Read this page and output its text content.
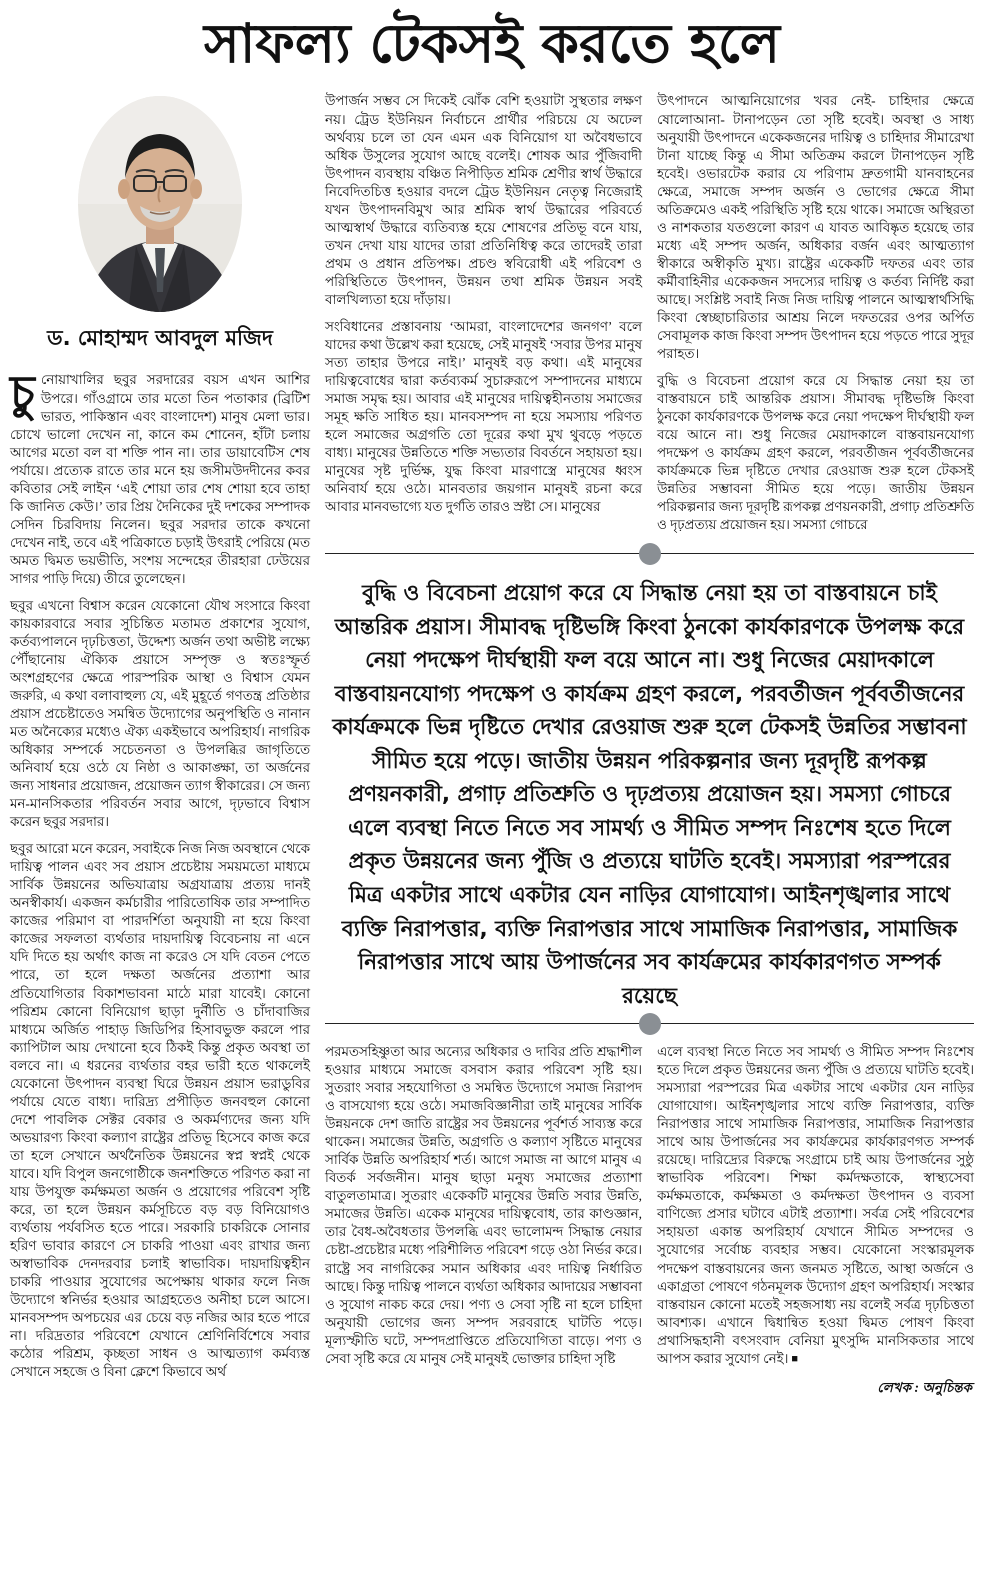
সাফল্য টেকসই করতে হলে
ড. মোহাম্মদ আবদুল মজিদ

চুনোয়াখালির ছবুর সরদারের বয়স এখন আশির উপরে। গাঁওগ্রামে তার মতো তিন পতাকার (ব্রিটিশ ভারত, পাকিস্তান এবং বাংলাদেশ) মানুষ মেলা ভার। চোখে ভালো দেখেন না, কানে কম শোনেন, হাঁটা চলায় আগের মতো বল বা শক্তি পান না। তার ডায়াবেটিস শেষ পর্যায়ে। প্রত্যেক রাতে তার মনে হয় জসীমউদদীনের কবর কবিতার সেই লাইন ‘এই শোয়া তার শেষ শোয়া হবে তাহা কি জানিত কেউ।’ তার প্রিয় দৈনিকের দুই দশকের সম্পাদক সেদিন চিরবিদায় নিলেন। ছবুর সরদার তাকে কখনো দেখেন নাই, তবে এই পত্রিকাতে চড়াই উৎরাই পেরিয়ে (মত অমত দ্বিমত ভয়ভীতি, সংশয় সন্দেহের তীরহারা ঢেউয়ের সাগর পাড়ি দিয়ে) তীরে তুলেছেন।

ছবুর এখনো বিশ্বাস করেন যেকোনো যৌথ সংসারে কিংবা কায়কারবারে সবার সুচিন্তিত মতামত প্রকাশের সুযোগ, কর্তব্যপালনে দৃঢ়চিত্ততা, উদ্দেশ্য অর্জন তথা অভীষ্ট লক্ষ্যে পৌঁছানোয় ঐক্যিক প্রয়াসে সম্পৃক্ত ও স্বতঃস্ফূর্ত অংশগ্রহণের ক্ষেত্রে পারস্পরিক আস্থা ও বিশ্বাস যেমন জরুরি, এ কথা বলাবাহুল্য যে, এই মুহূর্তে গণতন্ত্র প্রতিষ্ঠার প্রয়াস প্রচেষ্টাতেও সমন্বিত উদ্যোগের অনুপস্থিতি ও নানান মত অনৈক্যের মধ্যেও ঐক্য একইভাবে অপরিহার্য। নাগরিক অধিকার সম্পর্কে সচেতনতা ও উপলব্ধির জাগৃতিতে অনিবার্য হয়ে ওঠে যে নিষ্ঠা ও আকাঙ্ক্ষা, তা অর্জনের জন্য সাধনার প্রয়োজন, প্রয়োজন ত্যাগ স্বীকারের। সে জন্য মন-মানসিকতার পরিবর্তন সবার আগে, দৃঢ়ভাবে বিশ্বাস করেন ছবুর সরদার।

ছবুর আরো মনে করেন, সবাইকে নিজ নিজ অবস্থানে থেকে দায়িত্ব পালন এবং সব প্রয়াস প্রচেষ্টায় সময়মতো মাধ্যমে সার্বিক উন্নয়নের অভিযাত্রায় অগ্রযাত্রায় প্রত্যয় দানই অনস্বীকার্য। একজন কর্মচারীর পারিতোষিক তার সম্পাদিত কাজের পরিমাণ বা পারদর্শিতা অনুযায়ী না হয়ে কিংবা কাজের সফলতা ব্যর্থতার দায়দায়িত্ব বিবেচনায় না এনে যদি দিতে হয় অর্থাৎ কাজ না করেও সে যদি বেতন পেতে পারে, তা হলে দক্ষতা অর্জনের প্রত্যাশা আর প্রতিযোগিতার বিকাশভাবনা মাঠে মারা যাবেই। কোনো পরিশ্রম কোনো বিনিয়োগ ছাড়া দুর্নীতি ও চাঁদাবাজির মাধ্যমে অর্জিত পাহাড় জিডিপির হিসাবভুক্ত করলে পার ক্যাপিটাল আয় দেখানো হবে ঠিকই কিন্তু প্রকৃত অবস্থা তা বলবে না। এ ধরনের ব্যর্থতার বহর ভারী হতে থাকলেই যেকোনো উৎপাদন ব্যবস্থা ঘিরে উন্নয়ন প্রয়াস ভরাডুবির পর্যায়ে যেতে বাধ্য। দারিদ্র্য প্রপীড়িত জনবহুল কোনো দেশে পাবলিক সেক্টর বেকার ও অকর্মণ্যদের জন্য যদি অভয়ারণ্য কিংবা কল্যাণ রাষ্ট্রের প্রতিভূ হিসেবে কাজ করে তা হলে সেখানে অর্থনৈতিক উন্নয়নের স্বপ্ন স্বপ্নই থেকে যাবে। যদি বিপুল জনগোষ্ঠীকে জনশক্তিতে পরিণত করা না যায় উপযুক্ত কর্মক্ষমতা অর্জন ও প্রয়োগের পরিবেশ সৃষ্টি করে, তা হলে উন্নয়ন কর্মসূচিতে বড় বড় বিনিয়োগও ব্যর্থতায় পর্যবসিত হতে পারে। সরকারি চাকরিকে সোনার হরিণ ভাবার কারণে সে চাকরি পাওয়া এবং রাখার জন্য অস্বাভাবিক দেনদরবার চলাই স্বাভাবিক। দায়দায়িত্বহীন চাকরি পাওয়ার সুযোগের অপেক্ষায় থাকার ফলে নিজ উদ্যোগে স্বনির্ভর হওয়ার আগ্রহতেও অনীহা চলে আসে। মানবসম্পদ অপচয়ের এর চেয়ে বড় নজির আর হতে পারে না। দরিদ্রতার পরিবেশে যেখানে শ্রেণিনির্বিশেষে সবার কঠোর পরিশ্রম, কৃচ্ছতা সাধন ও আত্মত্যাগ কর্মব্যস্ত সেখানে সহজে ও বিনা ক্লেশে কিভাবে অর্থ

উপার্জন সম্ভব সে দিকেই ঝোঁক বেশি হওয়াটা সুস্থতার লক্ষণ নয়। ট্রেড ইউনিয়ন নির্বাচনে প্রার্থীর পরিচয়ে যে অঢেল অর্থব্যয় চলে তা যেন এমন এক বিনিয়োগ যা অবৈধভাবে অধিক উসুলের সুযোগ আছে বলেই। শোষক আর পুঁজিবাদী উৎপাদন ব্যবস্থায় বঞ্চিত নিপীড়িত শ্রমিক শ্রেণীর স্বার্থ উদ্ধারে নিবেদিতচিত্ত হওয়ার বদলে ট্রেড ইউনিয়ন নেতৃত্ব নিজেরাই যখন উৎপাদনবিমুখ আর শ্রমিক স্বার্থ উদ্ধারের পরিবর্তে আত্মস্বার্থ উদ্ধারে ব্যতিব্যস্ত হয়ে শোষণের প্রতিভূ বনে যায়, তখন দেখা যায় যাদের তারা প্রতিনিধিত্ব করে তাদেরই তারা প্রথম ও প্রধান প্রতিপক্ষ। প্রচণ্ড স্ববিরোধী এই পরিবেশ ও পরিস্থিতিতে উৎপাদন, উন্নয়ন তথা শ্রমিক উন্নয়ন সবই বালখিল্যতা হয়ে দাঁড়ায়।

সংবিধানের প্রস্তাবনায় ‘আমরা, বাংলাদেশের জনগণ’ বলে যাদের কথা উল্লেখ করা হয়েছে, সেই মানুষই ‘সবার উপর মানুষ সত্য তাহার উপরে নাই।’ মানুষই বড় কথা। এই মানুষের দায়িত্ববোধের দ্বারা কর্তব্যকর্ম সুচারুরূপে সম্পাদনের মাধ্যমে সমাজ সমৃদ্ধ হয়। আবার এই মানুষের দায়িত্বহীনতায় সমাজের সমূহ ক্ষতি সাধিত হয়। মানবসম্পদ না হয়ে সমস্যায় পরিণত হলে সমাজের অগ্রগতি তো দূরের কথা মুখ থুবড়ে পড়তে বাধ্য। মানুষের উন্নতিতে শক্তি সভ্যতার বিবর্তনে সহায়তা হয়। মানুষের সৃষ্ট দুর্ভিক্ষ, যুদ্ধ কিংবা মারণাস্ত্রে মানুষের ধ্বংস অনিবার্য হয়ে ওঠে। মানবতার জয়গান মানুষই রচনা করে আবার মানবভাগ্যে যত দুর্গতি তারও স্রষ্টা সে। মানুষের

উৎপাদনে আত্মনিয়োগের খবর নেই- চাহিদার ক্ষেত্রে ষোলোআনা- টানাপড়েন তো সৃষ্টি হবেই। অবস্থা ও সাধ্য অনুযায়ী উৎপাদনে একেকজনের দায়িত্ব ও চাহিদার সীমারেখা টানা যাচ্ছে কিন্তু এ সীমা অতিক্রম করলে টানাপড়েন সৃষ্টি হবেই। ওভারটেক করার যে পরিণাম দ্রুতগামী যানবাহনের ক্ষেত্রে, সমাজে সম্পদ অর্জন ও ভোগের ক্ষেত্রে সীমা অতিক্রমেও একই পরিস্থিতি সৃষ্টি হয়ে থাকে। সমাজে অস্থিরতা ও নাশকতার যতগুলো কারণ এ যাবত আবিষ্কৃত হয়েছে তার মধ্যে এই সম্পদ অর্জন, অধিকার বর্জন এবং আত্মত্যাগ স্বীকারে অস্বীকৃতি মুখ্য। রাষ্ট্রের একেকটি দফতর এবং তার কর্মীবাহিনীর একেকজন সদস্যের দায়িত্ব ও কর্তব্য নির্দিষ্ট করা আছে। সংশ্লিষ্ট সবাই নিজ নিজ দায়িত্ব পালনে আত্মস্বার্থসিদ্ধি কিংবা স্বেচ্ছাচারিতার আশ্রয় নিলে দফতরের ওপর অর্পিত সেবামূলক কাজ কিংবা সম্পদ উৎপাদন হয়ে পড়তে পারে সুদূর পরাহত।

বুদ্ধি ও বিবেচনা প্রয়োগ করে যে সিদ্ধান্ত নেয়া হয় তা বাস্তবায়নে চাই আন্তরিক প্রয়াস। সীমাবদ্ধ দৃষ্টিভঙ্গি কিংবা ঠুনকো কার্যকারণকে উপলক্ষ করে নেয়া পদক্ষেপ দীর্ঘস্থায়ী ফল বয়ে আনে না। শুধু নিজের মেয়াদকালে বাস্তবায়নযোগ্য পদক্ষেপ ও কার্যক্রম গ্রহণ করলে, পরবর্তীজন পূর্ববর্তীজনের কার্যক্রমকে ভিন্ন দৃষ্টিতে দেখার রেওয়াজ শুরু হলে টেকসই উন্নতির সম্ভাবনা সীমিত হয়ে পড়ে। জাতীয় উন্নয়ন পরিকল্পনার জন্য দূরদৃষ্টি রূপকল্প প্রণয়নকারী, প্রগাঢ় প্রতিশ্রুতি ও দৃঢ়প্রত্যয় প্রয়োজন হয়। সমস্যা গোচরে

বুদ্ধি ও বিবেচনা প্রয়োগ করে যে সিদ্ধান্ত নেয়া হয় তা বাস্তবায়নে চাই আন্তরিক প্রয়াস। সীমাবদ্ধ দৃষ্টিভঙ্গি কিংবা ঠুনকো কার্যকারণকে উপলক্ষ করে নেয়া পদক্ষেপ দীর্ঘস্থায়ী ফল বয়ে আনে না। শুধু নিজের মেয়াদকালে বাস্তবায়নযোগ্য পদক্ষেপ ও কার্যক্রম গ্রহণ করলে, পরবর্তীজন পূর্ববর্তীজনের কার্যক্রমকে ভিন্ন দৃষ্টিতে দেখার রেওয়াজ শুরু হলে টেকসই উন্নতির সম্ভাবনা সীমিত হয়ে পড়ে। জাতীয় উন্নয়ন পরিকল্পনার জন্য দূরদৃষ্টি রূপকল্প প্রণয়নকারী, প্রগাঢ় প্রতিশ্রুতি ও দৃঢ়প্রত্যয় প্রয়োজন হয়। সমস্যা গোচরে এলে ব্যবস্থা নিতে নিতে সব সামর্থ্য ও সীমিত সম্পদ নিঃশেষ হতে দিলে প্রকৃত উন্নয়নের জন্য পুঁজি ও প্রত্যয়ে ঘাটতি হবেই। সমস্যারা পরস্পরের মিত্র একটার সাথে একটার যেন নাড়ির যোগাযোগ। আইনশৃঙ্খলার সাথে ব্যক্তি নিরাপত্তার, ব্যক্তি নিরাপত্তার সাথে সামাজিক নিরাপত্তার, সামাজিক নিরাপত্তার সাথে আয় উপার্জনের সব কার্যক্রমের কার্যকারণগত সম্পর্ক রয়েছে

পরমতসহিষ্ণুতা আর অন্যের অধিকার ও দাবির প্রতি শ্রদ্ধাশীল হওয়ার মাধ্যমে সমাজে বসবাস করার পরিবেশ সৃষ্টি হয়। সুতরাং সবার সহযোগিতা ও সমন্বিত উদ্যোগে সমাজ নিরাপদ ও বাসযোগ্য হয়ে ওঠে। সমাজবিজ্ঞানীরা তাই মানুষের সার্বিক উন্নয়নকে দেশ জাতি রাষ্ট্রের সব উন্নয়নের পূর্বশর্ত সাব্যস্ত করে থাকেন। সমাজের উন্নতি, অগ্রগতি ও কল্যাণ সৃষ্টিতে মানুষের সার্বিক উন্নতি অপরিহার্য শর্ত। আগে সমাজ না আগে মানুষ এ বিতর্ক সর্বজনীন। মানুষ ছাড়া মনুষ্য সমাজের প্রত্যাশা বাতুলতামাত্র। সুতরাং একেকটি মানুষের উন্নতি সবার উন্নতি, সমাজের উন্নতি। একেক মানুষের দায়িত্ববোধ, তার কাণ্ডজ্ঞান, তার বৈধ-অবৈধতার উপলব্ধি এবং ভালোমন্দ সিদ্ধান্ত নেয়ার চেষ্টা-প্রচেষ্টার মধ্যে পরিশীলিত পরিবেশ গড়ে ওঠা নির্ভর করে। রাষ্ট্রে সব নাগরিকের সমান অধিকার এবং দায়িত্ব নির্ধারিত আছে। কিন্তু দায়িত্ব পালনে ব্যর্থতা অধিকার আদায়ের সম্ভাবনা ও সুযোগ নাকচ করে দেয়। পণ্য ও সেবা সৃষ্টি না হলে চাহিদা অনুযায়ী ভোগের জন্য সম্পদ সরবরাহে ঘাটতি পড়ে। মূল্যস্ফীতি ঘটে, সম্পদপ্রাপ্তিতে প্রতিযোগিতা বাড়ে। পণ্য ও সেবা সৃষ্টি করে যে মানুষ সেই মানুষই ভোক্তার চাহিদা সৃষ্টি

এলে ব্যবস্থা নিতে নিতে সব সামর্থ্য ও সীমিত সম্পদ নিঃশেষ হতে দিলে প্রকৃত উন্নয়নের জন্য পুঁজি ও প্রত্যয়ে ঘাটতি হবেই। সমস্যারা পরস্পরের মিত্র একটার সাথে একটার যেন নাড়ির যোগাযোগ। আইনশৃঙ্খলার সাথে ব্যক্তি নিরাপত্তার, ব্যক্তি নিরাপত্তার সাথে সামাজিক নিরাপত্তার, সামাজিক নিরাপত্তার সাথে আয় উপার্জনের সব কার্যক্রমের কার্যকারণগত সম্পর্ক রয়েছে। দারিদ্র্যের বিরুদ্ধে সংগ্রামে চাই আয় উপার্জনের সুষ্ঠু স্বাভাবিক পরিবেশ। শিক্ষা কর্মদক্ষতাকে, স্বাস্থ্যসেবা কর্মক্ষমতাকে, কর্মক্ষমতা ও কর্মদক্ষতা উৎপাদন ও ব্যবসা বাণিজ্যে প্রসার ঘটাবে এটাই প্রত্যাশা। সর্বত্র সেই পরিবেশের সহায়তা একান্ত অপরিহার্য যেখানে সীমিত সম্পদের ও সুযোগের সর্বোচ্চ ব্যবহার সম্ভব। যেকোনো সংস্কারমূলক পদক্ষেপ বাস্তবায়নের জন্য জনমত সৃষ্টিতে, আস্থা অর্জনে ও একাগ্রতা পোষণে গঠনমূলক উদ্যোগ গ্রহণ অপরিহার্য। সংস্কার বাস্তবায়ন কোনো মতেই সহজসাধ্য নয় বলেই সর্বত্র দৃঢ়চিত্ততা আবশ্যক। এখানে দ্বিধান্বিত হওয়া দ্বিমত পোষণ কিংবা প্রথাসিদ্ধহানী বৎসংবাদ বেনিয়া মুৎসুদ্দি মানসিকতার সাথে আপস করার সুযোগ নেই। ■

লেখক : অনুচিন্তক
